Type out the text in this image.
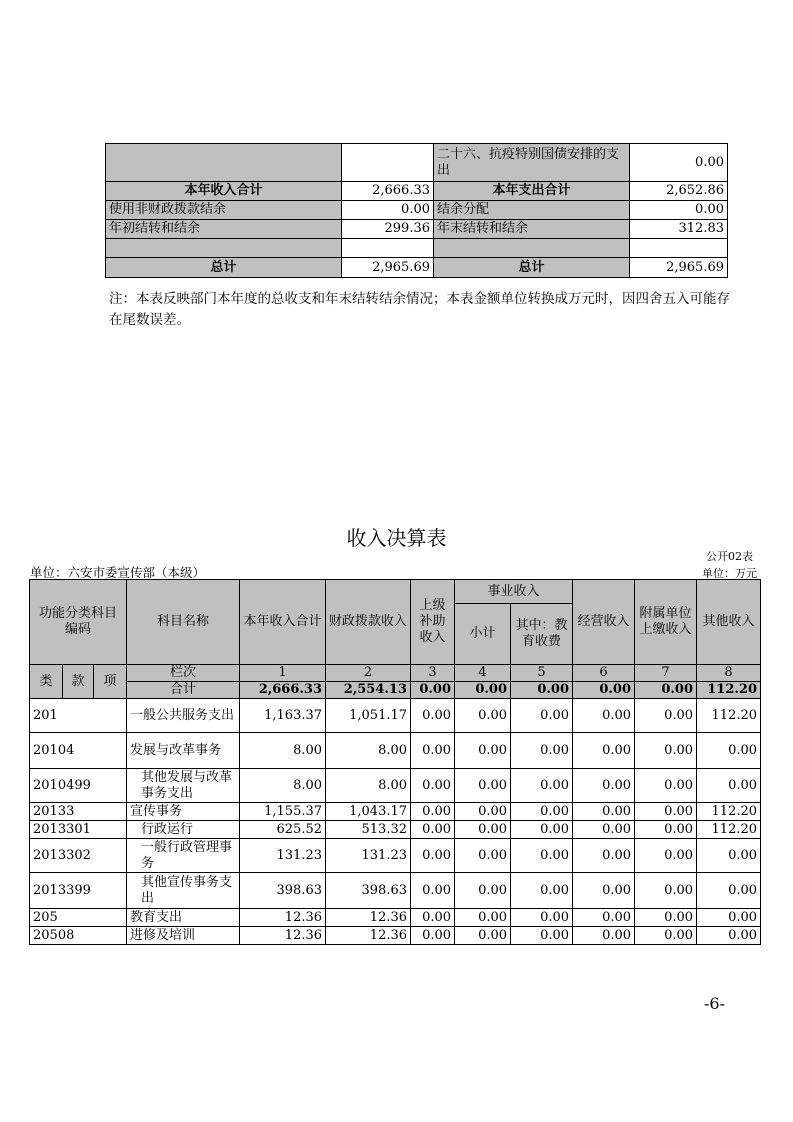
		二十六、抗疫特别国债安排的支出	0.00
本年收入合计	2,666.33	本年支出合计	2,652.86
使用非财政拨款结余	0.00	结余分配	0.00
年初结转和结余	299.36	年末结转和结余	312.83

总计	2,965.69	总计	2,965.69
注：本表反映部门本年度的总收支和年末结转结余情况；本表金额单位转换成万元时，因四舍五入可能存在尾数误差。
收入决算表
公开02表
单位：六安市委宣传部（本级）	单位：万元
功能分类科目编码			科目名称	本年收入合计	财政拨款收入	上级补助收入	事业收入		经营收入	附属单位上缴收入	其他收入
							小计	其中：教育收费			

类	款	项	栏次	1	2	3	4	5	6	7	8
			合计	2,666.33	2,554.13	0.00	0.00	0.00	0.00	0.00	112.20
201			一般公共服务支出	1,163.37	1,051.17	0.00	0.00	0.00	0.00	0.00	112.20
20104			发展与改革事务	8.00	8.00	0.00	0.00	0.00	0.00	0.00	0.00
2010499			其他发展与改革事务支出	8.00	8.00	0.00	0.00	0.00	0.00	0.00	0.00
20133			宣传事务	1,155.37	1,043.17	0.00	0.00	0.00	0.00	0.00	112.20
2013301			行政运行	625.52	513.32	0.00	0.00	0.00	0.00	0.00	112.20
2013302			一般行政管理事务	131.23	131.23	0.00	0.00	0.00	0.00	0.00	0.00
2013399			其他宣传事务支出	398.63	398.63	0.00	0.00	0.00	0.00	0.00	0.00
205			教育支出	12.36	12.36	0.00	0.00	0.00	0.00	0.00	0.00
20508			进修及培训	12.36	12.36	0.00	0.00	0.00	0.00	0.00	0.00
-6-
